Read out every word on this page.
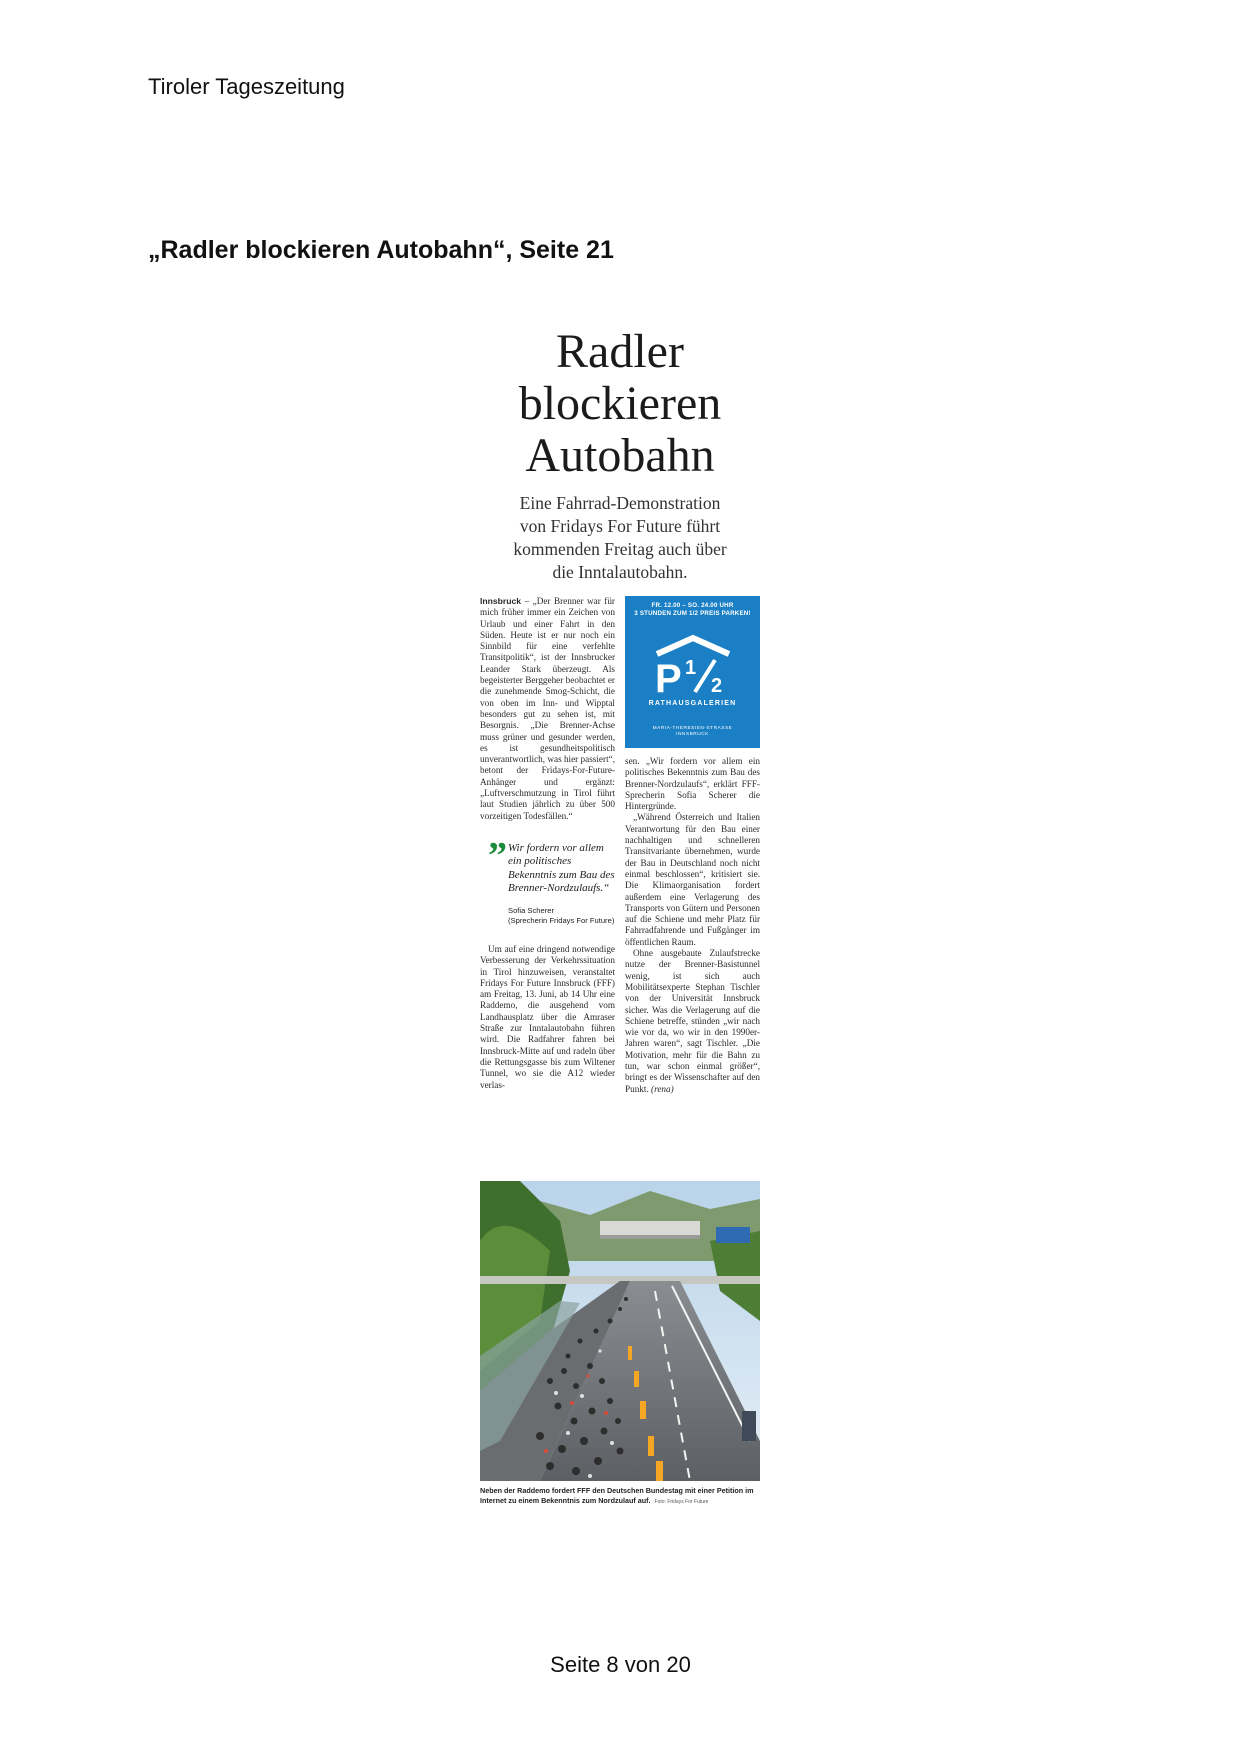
Tiroler Tageszeitung
„Radler blockieren Autobahn“, Seite 21
Radler
blockieren
Autobahn
Eine Fahrrad-Demonstration
von Fridays For Future führt
kommenden Freitag auch über
die Inntalautobahn.

Innsbruck – „Der Brenner war für mich früher immer ein Zeichen von Urlaub und einer Fahrt in den Süden. Heute ist er nur noch ein Sinnbild für eine verfehlte Transitpolitik“, ist der Innsbrucker Leander Stark überzeugt. Als begeisterter Berggeher beobachtet er die zunehmende Smog-Schicht, die von oben im Inn- und Wipptal besonders gut zu sehen ist, mit Besorgnis. „Die Brenner-Achse muss grüner und gesunder werden, es ist gesundheitspolitisch unverantwortlich, was hier passiert“, betont der Fridays-For-Future-Anhänger und ergänzt: „Luftverschmutzung in Tirol führt laut Studien jährlich zu über 500 vorzeitigen Todesfällen.“

” Wir fordern vor allem ein politisches Bekenntnis zum Bau des Brenner-Nordzulaufs.“
Sofia Scherer
(Sprecherin Fridays For Future)

Um auf eine dringend notwendige Verbesserung der Verkehrssituation in Tirol hinzuweisen, veranstaltet Fridays For Future Innsbruck (FFF) am Freitag, 13. Juni, ab 14 Uhr eine Raddemo, die ausgehend vom Landhausplatz über die Amraser Straße zur Inntalautobahn führen wird. Die Radfahrer fahren bei Innsbruck-Mitte auf und radeln über die Rettungsgasse bis zum Wiltener Tunnel, wo sie die A12 wieder verlas-

FR. 12.00 – SO. 24.00 UHR
3 STUNDEN ZUM 1/2 PREIS PARKEN!
P 1
2
RATHAUSGALERIEN
MARIA-THERESIEN-STRASSE
INNSBRUCK

sen. „Wir fordern vor allem ein politisches Bekenntnis zum Bau des Brenner-Nordzulaufs“, erklärt FFF-Sprecherin Sofia Scherer die Hintergründe.

„Während Österreich und Italien Verantwortung für den Bau einer nachhaltigen und schnelleren Transitvariante übernehmen, wurde der Bau in Deutschland noch nicht einmal beschlossen“, kritisiert sie. Die Klimaorganisation fordert außerdem eine Verlagerung des Transports von Gütern und Personen auf die Schiene und mehr Platz für Fahrradfahrende und Fußgänger im öffentlichen Raum.

Ohne ausgebaute Zulaufstrecke nutze der Brenner-Basistunnel wenig, ist sich auch Mobilitätsexperte Stephan Tischler von der Universität Innsbruck sicher. Was die Verlagerung auf die Schiene betreffe, stünden „wir nach wie vor da, wo wir in den 1990er-Jahren waren“, sagt Tischler. „Die Motivation, mehr für die Bahn zu tun, war schon einmal größer“, bringt es der Wissenschafter auf den Punkt. (rena)

Neben der Raddemo fordert FFF den Deutschen Bundestag mit einer Petition im Internet zu einem Bekenntnis zum Nordzulauf auf. Foto: Fridays For Future
Seite 8 von 20
